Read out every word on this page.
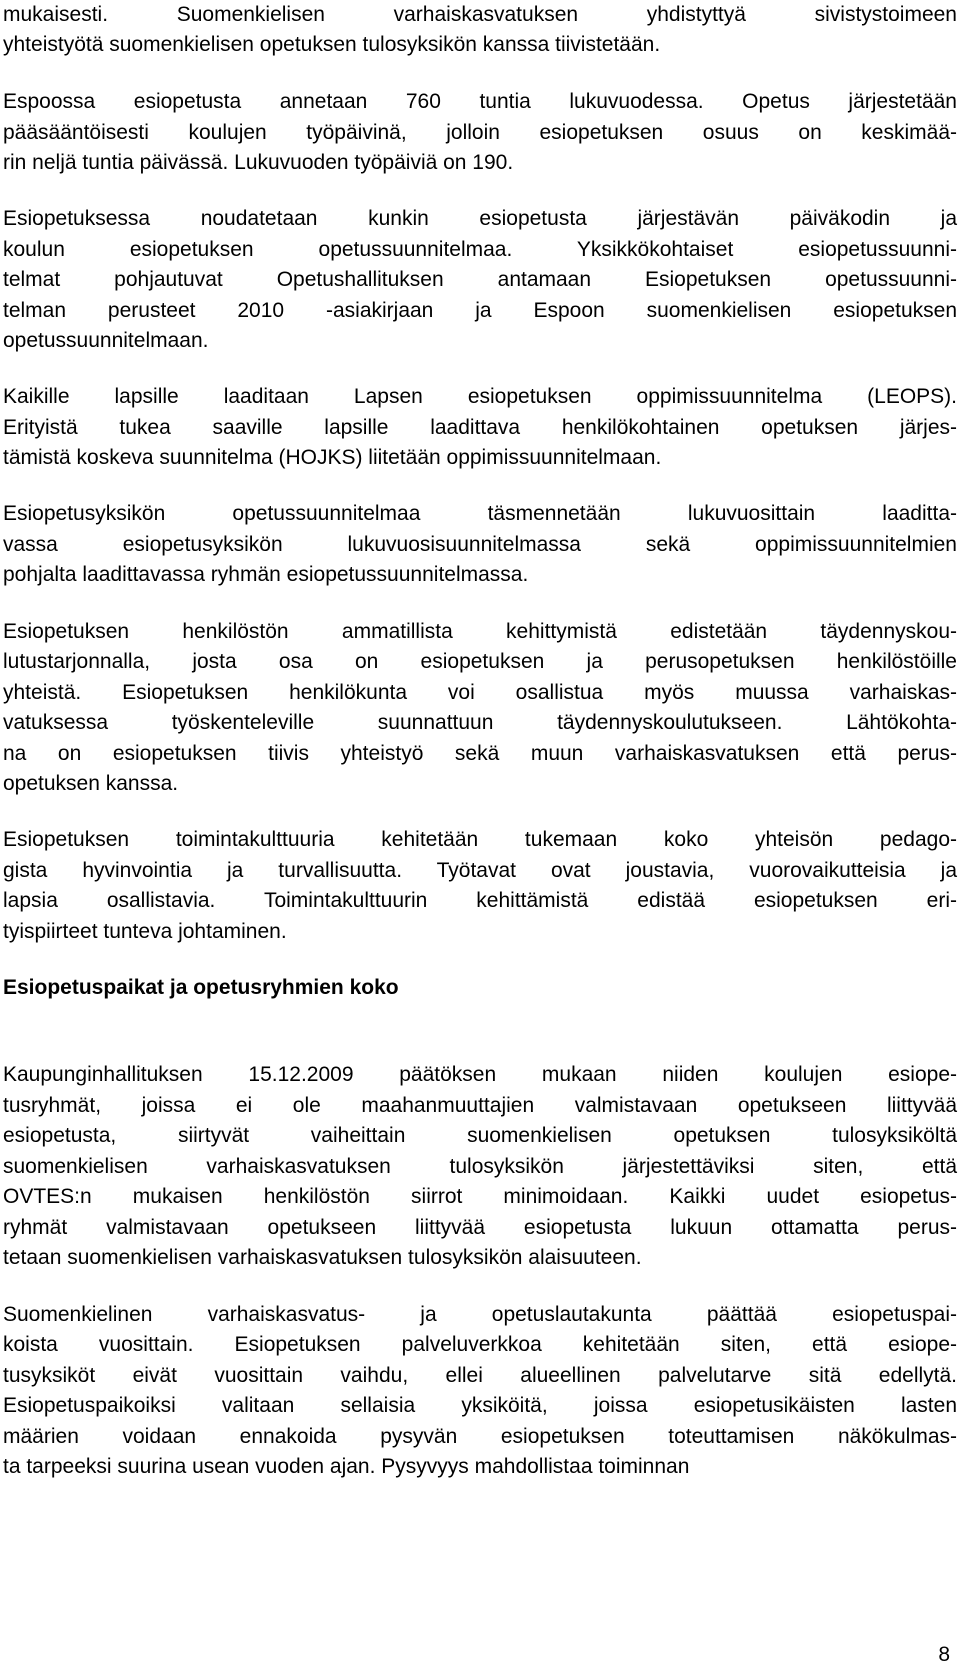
mukaisesti. Suomenkielisen varhaiskasvatuksen yhdistyttyä sivistystoimeen
yhteistyötä suomenkielisen opetuksen tulosyksikön kanssa tiivistetään.
Espoossa esiopetusta annetaan 760 tuntia lukuvuodessa. Opetus järjestetään
pääsääntöisesti koulujen työpäivinä, jolloin esiopetuksen osuus on keskimää-
rin neljä tuntia päivässä. Lukuvuoden työpäiviä on 190.
Esiopetuksessa noudatetaan kunkin esiopetusta järjestävän päiväkodin ja
koulun esiopetuksen opetussuunnitelmaa. Yksikkökohtaiset esiopetussuunni-
telmat pohjautuvat Opetushallituksen antamaan Esiopetuksen opetussuunni-
telman perusteet 2010 -asiakirjaan ja Espoon suomenkielisen esiopetuksen
opetussuunnitelmaan.
Kaikille lapsille laaditaan Lapsen esiopetuksen oppimissuunnitelma (LEOPS).
Erityistä tukea saaville lapsille laadittava henkilökohtainen opetuksen järjes-
tämistä koskeva suunnitelma (HOJKS) liitetään oppimissuunnitelmaan.
Esiopetusyksikön opetussuunnitelmaa täsmennetään lukuvuosittain laadittа-
vassa esiopetusyksikön lukuvuosisuunnitelmassa sekä oppimissuunnitelmien
pohjalta laadittavassa ryhmän esiopetussuunnitelmassa.
Esiopetuksen henkilöstön ammatillista kehittymistä edistetään täydennyskou-
lutustarjonnalla, josta osa on esiopetuksen ja perusopetuksen henkilöstöille
yhteistä. Esiopetuksen henkilökunta voi osallistua myös muussa varhaiskas-
vatuksessa työskenteleville suunnattuun täydennyskoulutukseen. Lähtökohta-
na on esiopetuksen tiivis yhteistyö sekä muun varhaiskasvatuksen että perus-
opetuksen kanssa.
Esiopetuksen toimintakulttuuria kehitetään tukemaan koko yhteisön pedago-
gista hyvinvointia ja turvallisuutta. Työtavat ovat joustavia, vuorovaikutteisia ja
lapsia osallistavia. Toimintakulttuurin kehittämistä edistää esiopetuksen eri-
tyispiirteet tunteva johtaminen.
Esiopetuspaikat ja opetusryhmien koko
Kaupunginhallituksen 15.12.2009 päätöksen mukaan niiden koulujen esiope-
tusryhmät, joissa ei ole maahanmuuttajien valmistavaan opetukseen liittyvää
esiopetusta, siirtyvät vaiheittain suomenkielisen opetuksen tulosyksiköltä
suomenkielisen varhaiskasvatuksen tulosyksikön järjestettäviksi siten, että
OVTES:n mukaisen henkilöstön siirrot minimoidaan. Kaikki uudet esiopetus-
ryhmät valmistavaan opetukseen liittyvää esiopetusta lukuun ottamatta perus-
tetaan suomenkielisen varhaiskasvatuksen tulosyksikön alaisuuteen.
Suomenkielinen varhaiskasvatus- ja opetuslautakunta päättää esiopetuspai-
koista vuosittain. Esiopetuksen palveluverkkoa kehitetään siten, että esiope-
tusyksiköt eivät vuosittain vaihdu, ellei alueellinen palvelutarve sitä edellytä.
Esiopetuspaikoiksi valitaan sellaisia yksiköitä, joissa esiopetusikäisten lasten
määrien voidaan ennakoida pysyvän esiopetuksen toteuttamisen näkökulmas-
ta tarpeeksi suurina usean vuoden ajan. Pysyvyys mahdollistaa toiminnan
8
